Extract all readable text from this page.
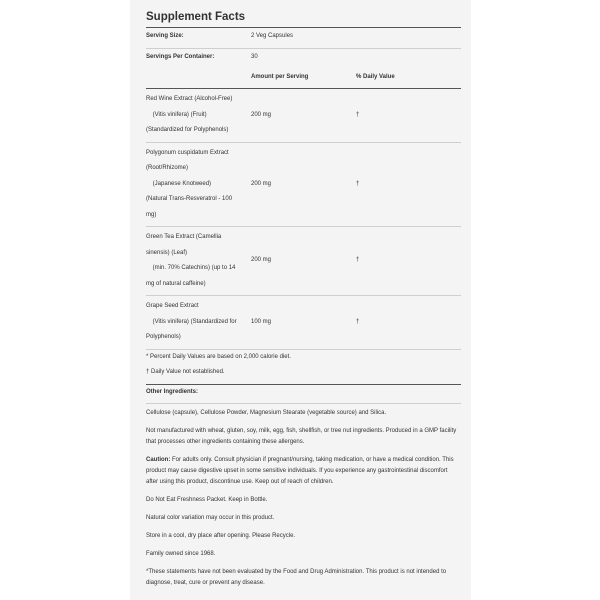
Supplement Facts
Serving Size:	2 Veg Capsules
Servings Per Container:	30
Amount per Serving	% Daily Value
Red Wine Extract (Alcohol-Free)
(Vitis vinifera) (Fruit)
(Standardized for Polyphenols)
200 mg	†
Polygonum cuspidatum Extract
(Root/Rhizome)
(Japanese Knotweed)
(Natural Trans-Resveratrol - 100
mg)
200 mg	†
Green Tea Extract (Camellia
sinensis) (Leaf)
(min. 70% Catechins) (up to 14
mg of natural caffeine)
200 mg	†
Grape Seed Extract
(Vitis vinifera) (Standardized for
Polyphenols)
100 mg	†
* Percent Daily Values are based on 2,000 calorie diet.
† Daily Value not established.
Other Ingredients:

Cellulose (capsule), Cellulose Powder, Magnesium Stearate (vegetable source) and Silica.

Not manufactured with wheat, gluten, soy, milk, egg, fish, shellfish, or tree nut ingredients. Produced in a GMP facility that processes other ingredients containing these allergens.

Caution: For adults only. Consult physician if pregnant/nursing, taking medication, or have a medical condition. This product may cause digestive upset in some sensitive individuals. If you experience any gastrointestinal discomfort after using this product, discontinue use. Keep out of reach of children.

Do Not Eat Freshness Packet. Keep in Bottle.

Natural color variation may occur in this product.

Store in a cool, dry place after opening. Please Recycle.

Family owned since 1968.

*These statements have not been evaluated by the Food and Drug Administration. This product is not intended to diagnose, treat, cure or prevent any disease.
